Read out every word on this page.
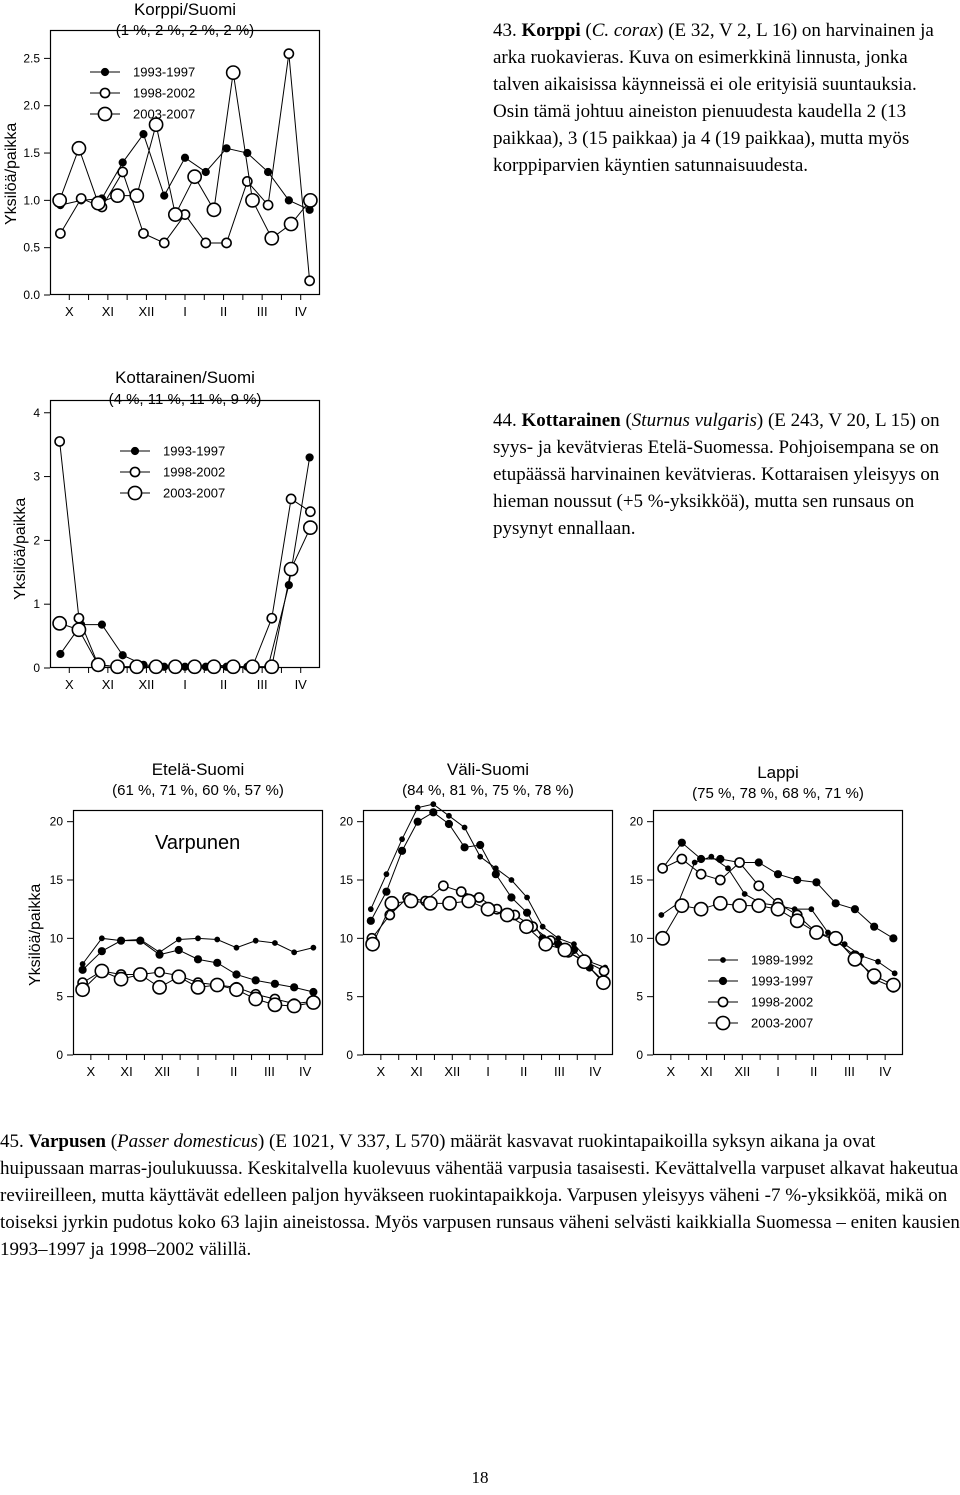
Korppi/Suomi
(1 %, 2 %, 2 %, 2 %)
Yksilöä/paikka
0.0
0.5
1.0
1.5
2.0
2.5
X XI XII I	II III IV
1993-1997
1998-2002
2003-2007

43. Korppi (C. corax) (E 32, V 2, L 16) on harvinainen ja arka ruokavieras. Kuva on esimerkkinä linnusta, jonka talven aikaisissa käynneissä ei ole erityisiä suuntauksia. Osin tämä johtuu aineiston pienuudesta kaudella 2 (13 paikkaa), 3 (15 paikkaa) ja 4 (19 paikkaa), mutta myös korppiparvien käyntien satunnaisuudesta.

Kottarainen/Suomi
(4 %, 11 %, 11 %, 9 %)
Yksilöä/paikka
0
1
2
3
4
X XI XII I	II III IV
1993-1997
1998-2002
2003-2007

44. Kottarainen (Sturnus vulgaris) (E 243, V 20, L 15) on syys- ja kevätvieras Etelä-Suomessa. Pohjoisempana se on etupäässä harvinainen kevätvieras. Kottaraisen yleisyys on hieman noussut (+5 %-yksikköä), mutta sen runsaus on pysynyt ennallaan.

Etelä-Suomi
(61 %, 71 %, 60 %, 57 %)
Varpunen
Yksilöä/paikka
0
5
10
15
20
X XI XII I II III IV
Väli-Suomi
(84 %, 81 %, 75 %, 78 %)
0
5
10
15
20
X XI XII I II III IV
Lappi
(75 %, 78 %, 68 %, 71 %)
0
5
10
15
20
X XI XII I II III IV
1989-1992
1993-1997
1998-2002
2003-2007

45. Varpusen (Passer domesticus) (E 1021, V 337, L 570) määrät kasvavat ruokintapaikoilla syksyn aikana ja ovat huipussaan marras-joulukuussa. Keskitalvella kuolevuus vähentää varpusia tasaisesti. Kevättalvella varpuset alkavat hakeutua reviireilleen, mutta käyttävät edelleen paljon hyväkseen ruokintapaikkoja. Varpusen yleisyys väheni -7 %-yksikköä, mikä on toiseksi jyrkin pudotus koko 63 lajin aineistossa. Myös varpusen runsaus väheni selvästi kaikkialla Suomessa – eniten kausien 1993–1997 ja 1998–2002 välillä.

18
